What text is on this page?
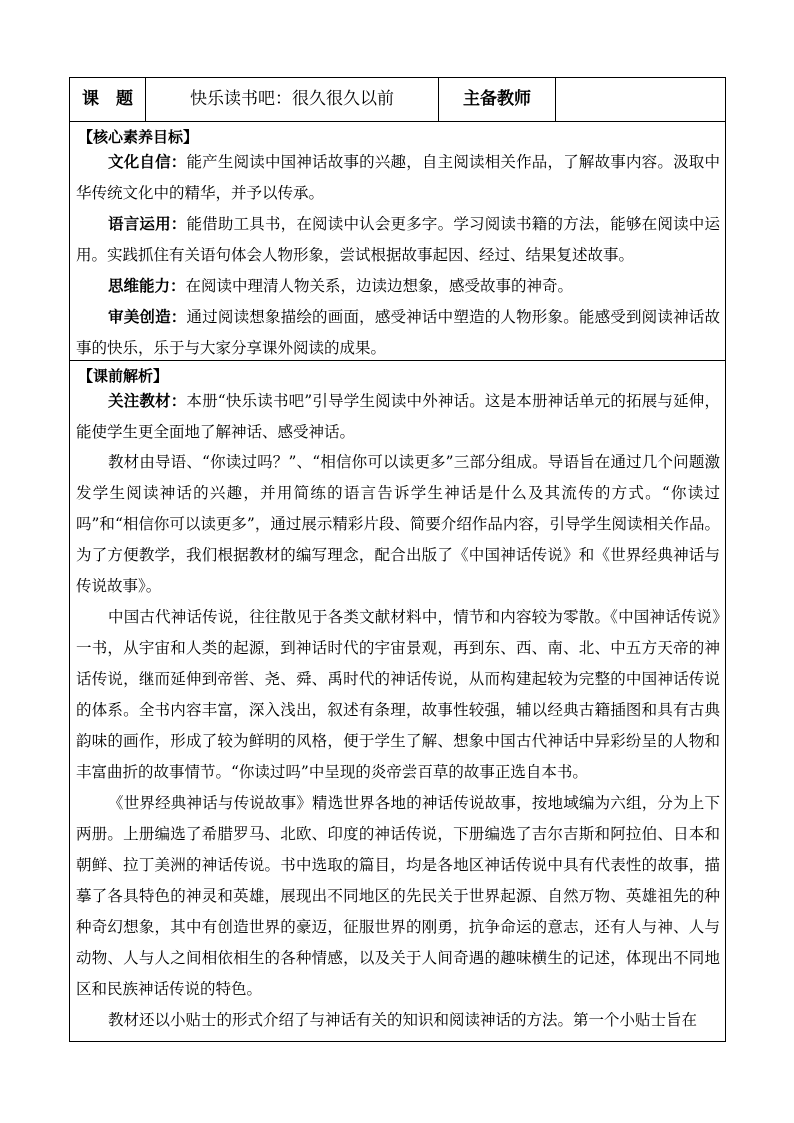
课　题	快乐读书吧：很久很久以前	主备教师
【核心素养目标】

文化自信：能产生阅读中国神话故事的兴趣，自主阅读相关作品，了解故事内容。汲取中华传统文化中的精华，并予以传承。

语言运用：能借助工具书，在阅读中认会更多字。学习阅读书籍的方法，能够在阅读中运用。实践抓住有关语句体会人物形象，尝试根据故事起因、经过、结果复述故事。

思维能力：在阅读中理清人物关系，边读边想象，感受故事的神奇。

审美创造：通过阅读想象描绘的画面，感受神话中塑造的人物形象。能感受到阅读神话故事的快乐，乐于与大家分享课外阅读的成果。

【课前解析】

关注教材：本册“快乐读书吧”引导学生阅读中外神话。这是本册神话单元的拓展与延伸，能使学生更全面地了解神话、感受神话。

教材由导语、“你读过吗？”、“相信你可以读更多”三部分组成。导语旨在通过几个问题激发学生阅读神话的兴趣，并用简练的语言告诉学生神话是什么及其流传的方式。“你读过吗”和“相信你可以读更多”，通过展示精彩片段、简要介绍作品内容，引导学生阅读相关作品。为了方便教学，我们根据教材的编写理念，配合出版了《中国神话传说》和《世界经典神话与传说故事》。

中国古代神话传说，往往散见于各类文献材料中，情节和内容较为零散。《中国神话传说》一书，从宇宙和人类的起源，到神话时代的宇宙景观，再到东、西、南、北、中五方天帝的神话传说，继而延伸到帝喾、尧、舜、禹时代的神话传说，从而构建起较为完整的中国神话传说的体系。全书内容丰富，深入浅出，叙述有条理，故事性较强，辅以经典古籍插图和具有古典韵味的画作，形成了较为鲜明的风格，便于学生了解、想象中国古代神话中异彩纷呈的人物和丰富曲折的故事情节。“你读过吗”中呈现的炎帝尝百草的故事正选自本书。

《世界经典神话与传说故事》精选世界各地的神话传说故事，按地域编为六组，分为上下两册。上册编选了希腊罗马、北欧、印度的神话传说，下册编选了吉尔吉斯和阿拉伯、日本和朝鲜、拉丁美洲的神话传说。书中选取的篇目，均是各地区神话传说中具有代表性的故事，描摹了各具特色的神灵和英雄，展现出不同地区的先民关于世界起源、自然万物、英雄祖先的种种奇幻想象，其中有创造世界的豪迈，征服世界的刚勇，抗争命运的意志，还有人与神、人与动物、人与人之间相依相生的各种情感，以及关于人间奇遇的趣味横生的记述，体现出不同地区和民族神话传说的特色。

教材还以小贴士的形式介绍了与神话有关的知识和阅读神话的方法。第一个小贴士旨在
